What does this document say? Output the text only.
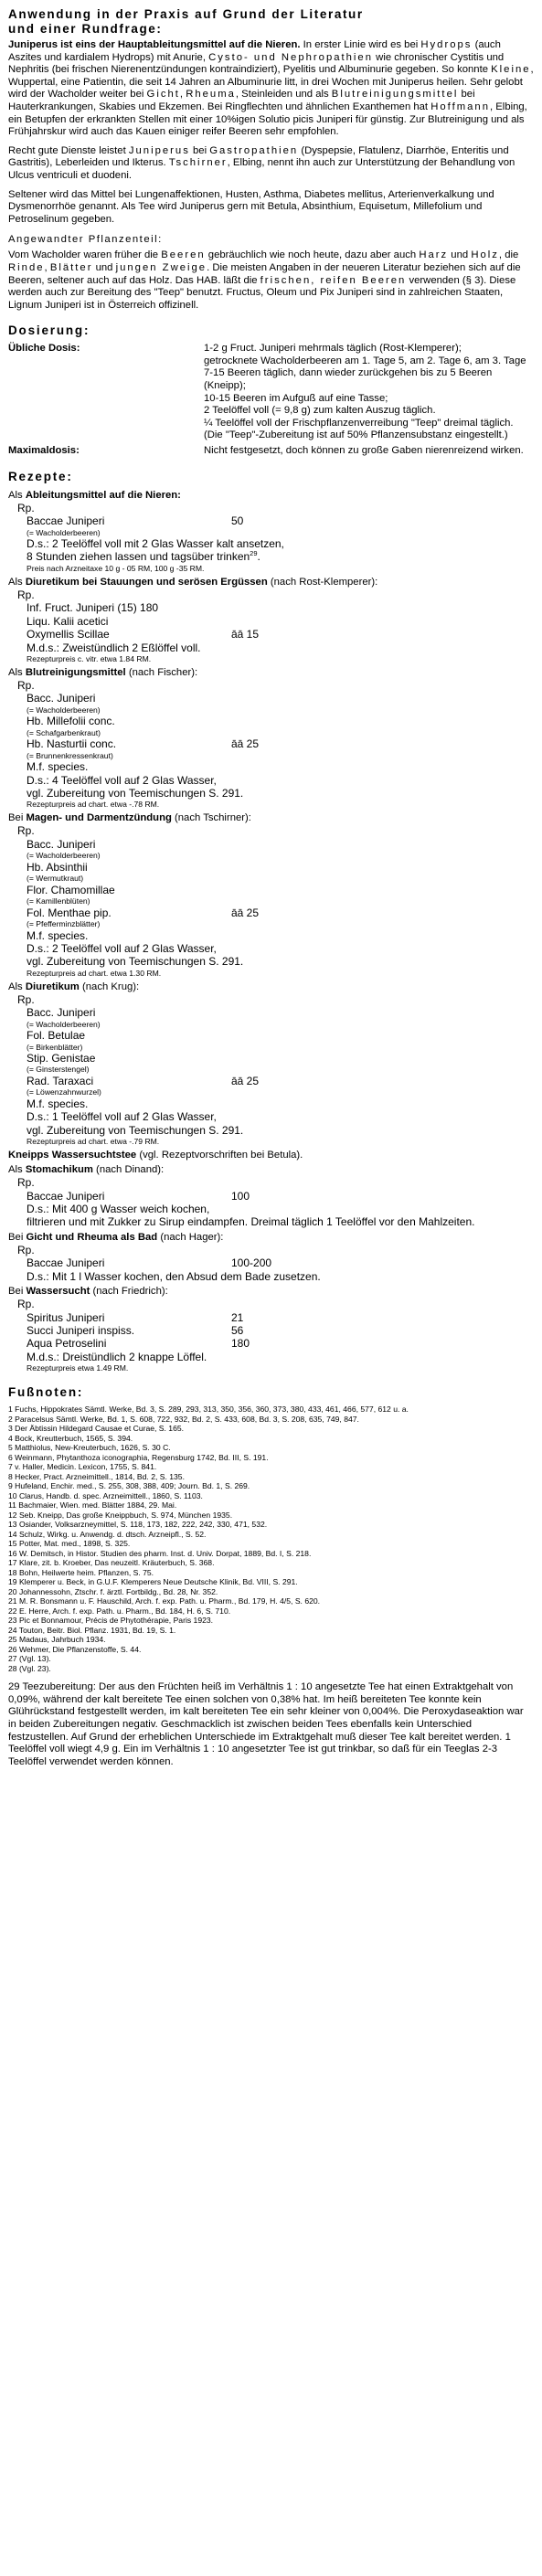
Anwendung in der Praxis auf Grund der Literatur
und einer Rundfrage:

Juniperus ist eins der Hauptableitungsmittel auf die Nieren. In erster Linie wird es bei Hydrops (auch Aszites und kardialem Hydrops) mit Anurie, Cysto- und Nephropathien wie chronischer Cystitis und Nephritis (bei frischen Nierenentzündungen kontraindiziert), Pyelitis und Albuminurie gegeben. So konnte Kleine, Wuppertal, eine Patientin, die seit 14 Jahren an Albuminurie litt, in drei Wochen mit Juniperus heilen. Sehr gelobt wird der Wacholder weiter bei Gicht, Rheuma, Steinleiden und als Blutreinigungsmittel bei Hauterkrankungen, Skabies und Ekzemen. Bei Ringflechten und ähnlichen Exanthemen hat Hoffmann, Elbing, ein Betupfen der erkrankten Stellen mit einer 10%igen Solutio picis Juniperi für günstig. Zur Blutreinigung und als Frühjahrskur wird auch das Kauen einiger reifer Beeren sehr empfohlen.

Recht gute Dienste leistet Juniperus bei Gastropathien (Dyspepsie, Flatulenz, Diarrhöe, Enteritis und Gastritis), Leberleiden und Ikterus. Tschirner, Elbing, nennt ihn auch zur Unterstützung der Behandlung von Ulcus ventriculi et duodeni.

Seltener wird das Mittel bei Lungenaffektionen, Husten, Asthma, Diabetes mellitus, Arterienverkalkung und Dysmenorrhöe genannt. Als Tee wird Juniperus gern mit Betula, Absinthium, Equisetum, Millefolium und Petroselinum gegeben.

Angewandter Pflanzenteil:

Vom Wacholder waren früher die Beeren gebräuchlich wie noch heute, dazu aber auch Harz und Holz, die Rinde, Blätter und jungen Zweige. Die meisten Angaben in der neueren Literatur beziehen sich auf die Beeren, seltener auch auf das Holz. Das HAB. läßt die frischen, reifen Beeren verwenden (§ 3). Diese werden auch zur Bereitung des "Teep" benutzt. Fructus, Oleum und Pix Juniperi sind in zahlreichen Staaten, Lignum Juniperi ist in Österreich offizinell.

Dosierung:
Übliche Dosis:	1-2 g Fruct. Juniperi mehrmals täglich (Rost-Klemperer);
getrocknete Wacholderbeeren am 1. Tage 5, am 2. Tage 6, am 3. Tage 7-15 Beeren täglich, dann wieder zurückgehen bis zu 5 Beeren (Kneipp);
10-15 Beeren im Aufguß auf eine Tasse;
2 Teelöffel voll (= 9,8 g) zum kalten Auszug täglich.
¼ Teelöffel voll der Frischpflanzenverreibung "Teep" dreimal täglich.
(Die "Teep"-Zubereitung ist auf 50% Pflanzensubstanz eingestellt.)
Maximaldosis:	Nicht festgesetzt, doch können zu große Gaben nierenreizend wirken.
Rezepte:
Als Ableitungsmittel auf die Nieren:
Rp.
Baccae Juniperi	50
(= Wacholderbeeren)
D.s.: 2 Teelöffel voll mit 2 Glas Wasser kalt ansetzen,
8 Stunden ziehen lassen und tagsüber trinken$^{29}$.
Preis nach Arzneitaxe 10 g - 05 RM, 100 g -35 RM.
Als Diuretikum bei Stauungen und serösen Ergüssen (nach Rost-Klemperer):
Rp.
Inf. Fruct. Juniperi (15) 180
Liqu. Kalii acetici
Oxymellis Scillae	āā 15
M.d.s.: Zweistündlich 2 Eßlöffel voll.
Rezepturpreis c. vitr. etwa 1.84 RM.
Als Blutreinigungsmittel (nach Fischer):
Rp.
Bacc. Juniperi
(= Wacholderbeeren)
Hb. Millefolii conc.
(= Schafgarbenkraut)
Hb. Nasturtii conc.	āā 25
(= Brunnenkressenkraut)
M.f. species.
D.s.: 4 Teelöffel voll auf 2 Glas Wasser,
vgl. Zubereitung von Teemischungen S. 291.
Rezepturpreis ad chart. etwa -.78 RM.
Bei Magen- und Darmentzündung (nach Tschirner):
Rp.
Bacc. Juniperi
(= Wacholderbeeren)
Hb. Absinthii
(= Wermutkraut)
Flor. Chamomillae
(= Kamillenblüten)
Fol. Menthae pip.	āā 25
(= Pfefferminzblätter)
M.f. species.
D.s.: 2 Teelöffel voll auf 2 Glas Wasser,
vgl. Zubereitung von Teemischungen S. 291.
Rezepturpreis ad chart. etwa 1.30 RM.
Als Diuretikum (nach Krug):
Rp.
Bacc. Juniperi
(= Wacholderbeeren)
Fol. Betulae
(= Birkenblätter)
Stip. Genistae
(= Ginsterstengel)
Rad. Taraxaci	āā 25
(= Löwenzahnwurzel)
M.f. species.
D.s.: 1 Teelöffel voll auf 2 Glas Wasser,
vgl. Zubereitung von Teemischungen S. 291.
Rezepturpreis ad chart. etwa -.79 RM.
Kneipps Wassersuchtstee (vgl. Rezeptvorschriften bei Betula).
Als Stomachikum (nach Dinand):
Rp.
Baccae Juniperi	100
D.s.: Mit 400 g Wasser weich kochen,
filtrieren und mit Zukker zu Sirup eindampfen. Dreimal täglich 1 Teelöffel vor den Mahlzeiten.
Bei Gicht und Rheuma als Bad (nach Hager):
Rp.
Baccae Juniperi	100-200
D.s.: Mit 1 l Wasser kochen, den Absud dem Bade zusetzen.
Bei Wassersucht (nach Friedrich):
Rp.
Spiritus Juniperi	21
Succi Juniperi inspiss.	56
Aqua Petroselini	180
M.d.s.: Dreistündlich 2 knappe Löffel.
Rezepturpreis etwa 1.49 RM.
Fußnoten:
1 Fuchs, Hippokrates Sämtl. Werke, Bd. 3, S. 289, 293, 313, 350, 356, 360, 373, 380, 433, 461, 466, 577, 612 u. a.
2 Paracelsus Sämtl. Werke, Bd. 1, S. 608, 722, 932, Bd. 2, S. 433, 608, Bd. 3, S. 208, 635, 749, 847.
3 Der Äbtissin Hildegard Causae et Curae, S. 165.
4 Bock, Kreutterbuch, 1565, S. 394.
5 Matthiolus, New-Kreuterbuch, 1626, S. 30 C.
6 Weinmann, Phytanthoza iconographia, Regensburg 1742, Bd. III, S. 191.
7 v. Haller, Medicin. Lexicon, 1755, S. 841.
8 Hecker, Pract. Arzneimittell., 1814, Bd. 2, S. 135.
9 Hufeland, Enchir. med., S. 255, 308, 388, 409; Journ. Bd. 1, S. 269.
10 Clarus, Handb. d. spec. Arzneimittell., 1860, S. 1103.
11 Bachmaier, Wien. med. Blätter 1884, 29. Mai.
12 Seb. Kneipp, Das große Kneippbuch, S. 974, München 1935.
13 Osiander, Volksarzneymittel, S. 118, 173, 182, 222, 242, 330, 471, 532.
14 Schulz, Wirkg. u. Anwendg. d. dtsch. Arzneipfl., S. 52.
15 Potter, Mat. med., 1898, S. 325.
16 W. Demitsch, in Histor. Studien des pharm. Inst. d. Univ. Dorpat, 1889, Bd. I, S. 218.
17 Klare, zit. b. Kroeber, Das neuzeitl. Kräuterbuch, S. 368.
18 Bohn, Heilwerte heim. Pflanzen, S. 75.
19 Klemperer u. Beck, in G.U.F. Klemperers Neue Deutsche Klinik, Bd. VIII, S. 291.
20 Johannessohn, Ztschr. f. ärztl. Fortbildg., Bd. 28, Nr. 352.
21 M. R. Bonsmann u. F. Hauschild, Arch. f. exp. Path. u. Pharm., Bd. 179, H. 4/5, S. 620.
22 E. Herre, Arch. f. exp. Path. u. Pharm., Bd. 184, H. 6, S. 710.
23 Pic et Bonnamour, Précis de Phytothérapie, Paris 1923.
24 Touton, Beitr. Biol. Pflanz. 1931, Bd. 19, S. 1.
25 Madaus, Jahrbuch 1934.
26 Wehmer, Die Pflanzenstoffe, S. 44.
27 (Vgl. 13).
28 (Vgl. 23).

29 Teezubereitung: Der aus den Früchten heiß im Verhältnis 1 : 10 angesetzte Tee hat einen Extraktgehalt von 0,09%, während der kalt bereitete Tee einen solchen von 0,38% hat. Im heiß bereiteten Tee konnte kein Glührückstand festgestellt werden, im kalt bereiteten Tee ein sehr kleiner von 0,004%. Die Peroxydaseaktion war in beiden Zubereitungen negativ. Geschmacklich ist zwischen beiden Tees ebenfalls kein Unterschied festzustellen. Auf Grund der erheblichen Unterschiede im Extraktgehalt muß dieser Tee kalt bereitet werden. 1 Teelöffel voll wiegt 4,9 g. Ein im Verhältnis 1 : 10 angesetzter Tee ist gut trinkbar, so daß für ein Teeglas 2-3 Teelöffel verwendet werden können.
